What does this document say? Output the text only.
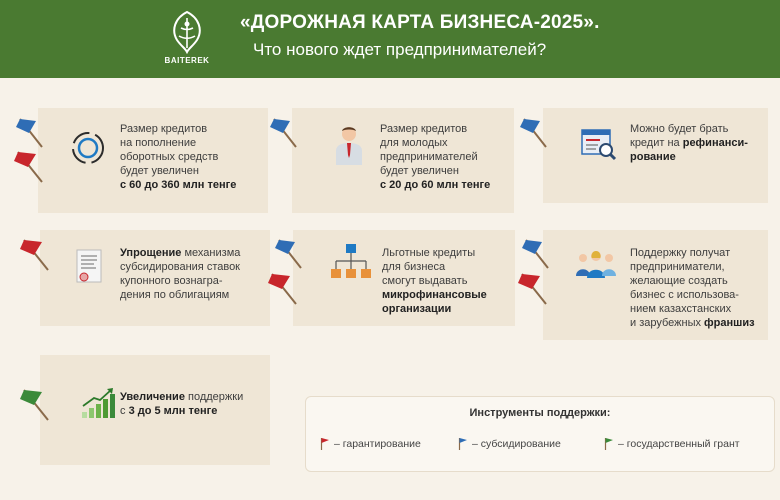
BAITEREK
«ДОРОЖНАЯ КАРТА БИЗНЕСА-2025».
Что нового ждет предпринимателей?
Размер кредитов
на пополнение
оборотных средств
будет увеличен
с 60 до 360 млн тенге
Размер кредитов
для молодых
предпринимателей
будет увеличен
с 20 до 60 млн тенге
Можно будет брать
кредит на рефинанси-
рование
Упрощение механизма
субсидирования ставок
купонного вознагра-
дения по облигациям
Льготные кредиты
для бизнеса
смогут выдавать
микрофинансовые
организации
Поддержку получат
предприниматели,
желающие создать
бизнес с использова-
нием казахстанских
и зарубежных франшиз
Увеличение поддержки
с 3 до 5 млн тенге	Инструменты поддержки:
– гарантирование	– субсидирование	– государственный грант
